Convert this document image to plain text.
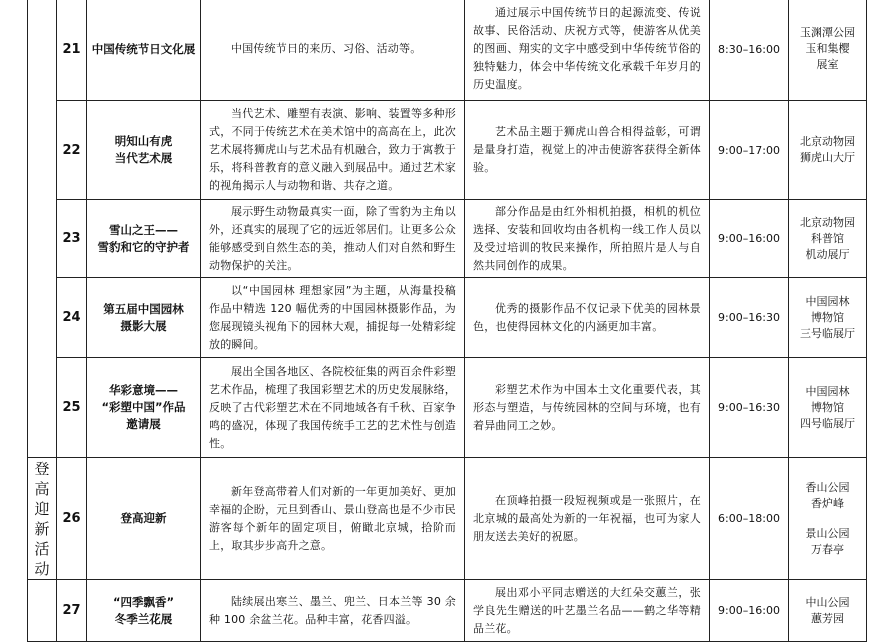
	21	中国传统节日文化展	中国传统节日的来历、习俗、活动等。	通过展示中国传统节日的起源流变、传说故事、民俗活动、庆祝方式等，使游客从优美的图画、翔实的文字中感受到中华传统节俗的独特魅力，体会中华传统文化承载千年岁月的历史温度。	8:30–16:00	玉渊潭公园
玉和集樱
展室

	22	明知山有虎
当代艺术展	当代艺术、雕塑有表演、影响、装置等多种形式，不同于传统艺术在美术馆中的高高在上，此次艺术展将狮虎山与艺术品有机融合，致力于寓教于乐，将科普教育的意义融入到展品中。通过艺术家的视角揭示人与动物和谐、共存之道。	艺术品主题于狮虎山兽合相得益彰，可谓是量身打造，视觉上的冲击使游客获得全新体验。	9:00–17:00	北京动物园
狮虎山大厅

	23	雪山之王——
雪豹和它的守护者	展示野生动物最真实一面，除了雪豹为主角以外，还真实的展现了它的远近邻居们。让更多公众能够感受到自然生态的美，推动人们对自然和野生动物保护的关注。	部分作品是由红外相机拍摄，相机的机位选择、安装和回收均由各机构一线工作人员以及受过培训的牧民来操作，所拍照片是人与自然共同创作的成果。	9:00–16:00	北京动物园
科普馆
机动展厅

	24	第五届中国园林
摄影大展	以“中国园林 理想家园”为主题，从海量投稿作品中精选 120 幅优秀的中国园林摄影作品，为您展现镜头视角下的园林大观，捕捉每一处精彩绽放的瞬间。	优秀的摄影作品不仅记录下优美的园林景色，也使得园林文化的内涵更加丰富。	9:00–16:30	中国园林
博物馆
三号临展厅

	25	华彩意境——
“彩塑中国”作品
邀请展	展出全国各地区、各院校征集的两百余件彩塑艺术作品，梳理了我国彩塑艺术的历史发展脉络，反映了古代彩塑艺术在不同地域各有千秋、百家争鸣的盛况，体现了我国传统手工艺的艺术性与创造性。	彩塑艺术作为中国本土文化重要代表，其形态与塑造，与传统园林的空间与环境，也有着异曲同工之妙。	9:00–16:30	中国园林
博物馆
四号临展厅

登高迎新活动	26	登高迎新	新年登高带着人们对新的一年更加美好、更加幸福的企盼，元旦到香山、景山登高也是不少市民游客每个新年的固定项目，俯瞰北京城，拾阶而上，取其步步高升之意。	在顶峰拍摄一段短视频或是一张照片，在北京城的最高处为新的一年祝福，也可为家人朋友送去美好的祝愿。	6:00–18:00	香山公园
香炉峰
景山公园
万春亭

	27	“四季飘香”
冬季兰花展	陆续展出寒兰、墨兰、兜兰、日本兰等 30 余种 100 余盆兰花。品种丰富，花香四溢。	展出邓小平同志赠送的大红朵交蕙兰，张学良先生赠送的叶艺墨兰名品——鹤之华等精品兰花。	9:00–16:00	中山公园
蕙芳园
